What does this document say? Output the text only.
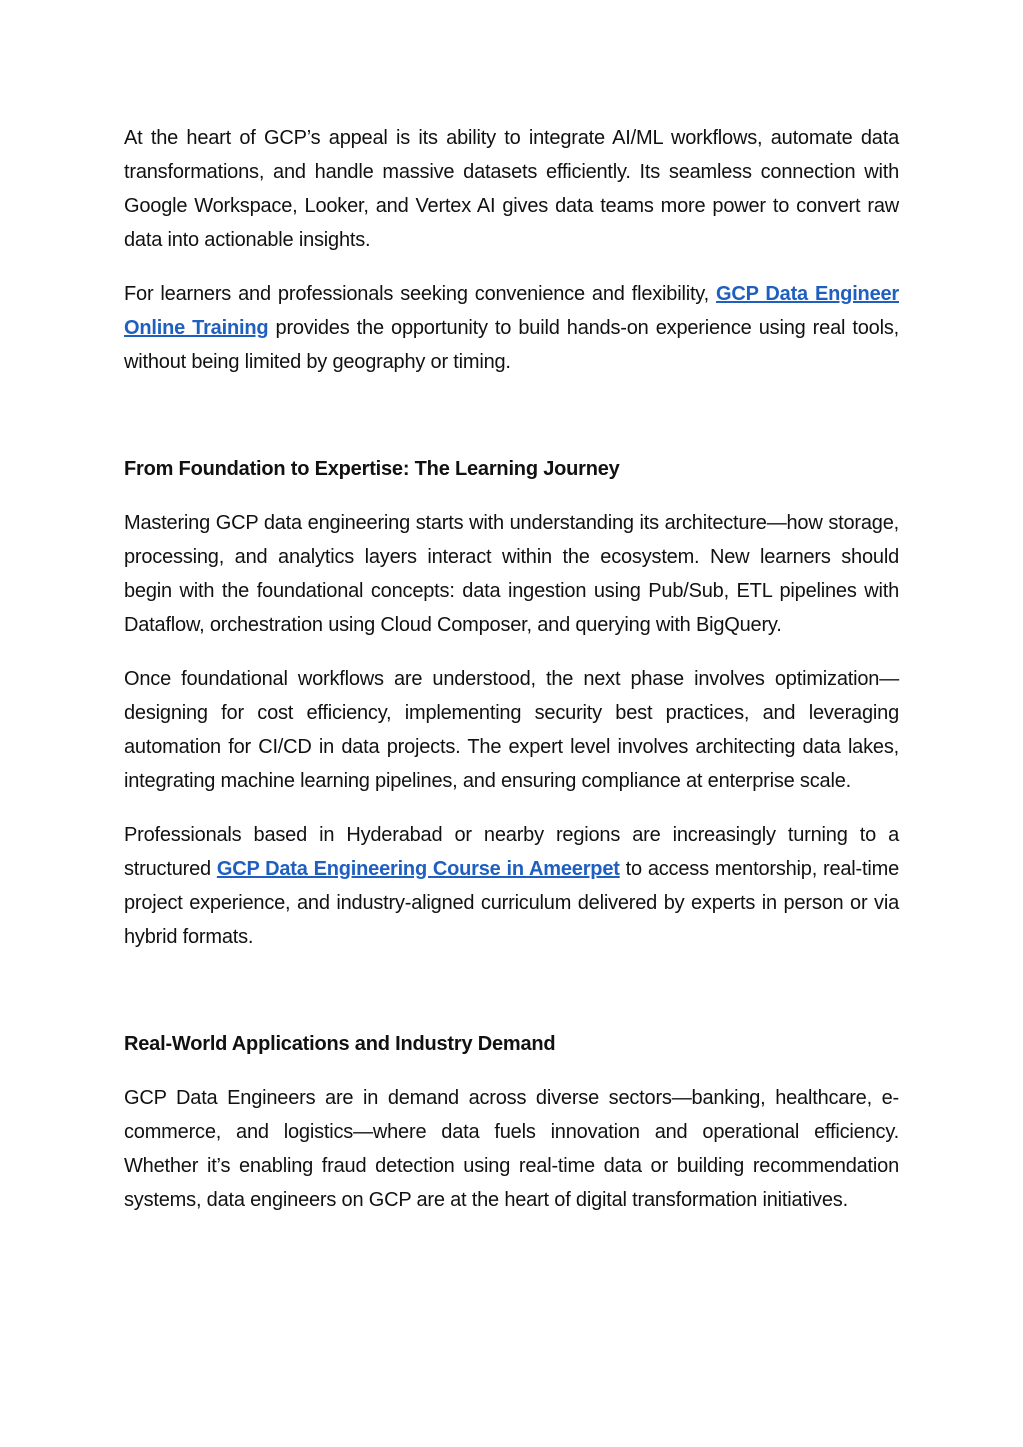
At the heart of GCP’s appeal is its ability to integrate AI/ML workflows, automate data transformations, and handle massive datasets efficiently. Its seamless connection with Google Workspace, Looker, and Vertex AI gives data teams more power to convert raw data into actionable insights.

For learners and professionals seeking convenience and flexibility, GCP Data Engineer Online Training provides the opportunity to build hands-on experience using real tools, without being limited by geography or timing.

From Foundation to Expertise: The Learning Journey

Mastering GCP data engineering starts with understanding its architecture—how storage, processing, and analytics layers interact within the ecosystem. New learners should begin with the foundational concepts: data ingestion using Pub/Sub, ETL pipelines with Dataflow, orchestration using Cloud Composer, and querying with BigQuery.

Once foundational workflows are understood, the next phase involves optimization—designing for cost efficiency, implementing security best practices, and leveraging automation for CI/CD in data projects. The expert level involves architecting data lakes, integrating machine learning pipelines, and ensuring compliance at enterprise scale.

Professionals based in Hyderabad or nearby regions are increasingly turning to a structured GCP Data Engineering Course in Ameerpet to access mentorship, real-time project experience, and industry-aligned curriculum delivered by experts in person or via hybrid formats.

Real-World Applications and Industry Demand

GCP Data Engineers are in demand across diverse sectors—banking, healthcare, e-commerce, and logistics—where data fuels innovation and operational efficiency. Whether it’s enabling fraud detection using real-time data or building recommendation systems, data engineers on GCP are at the heart of digital transformation initiatives.
